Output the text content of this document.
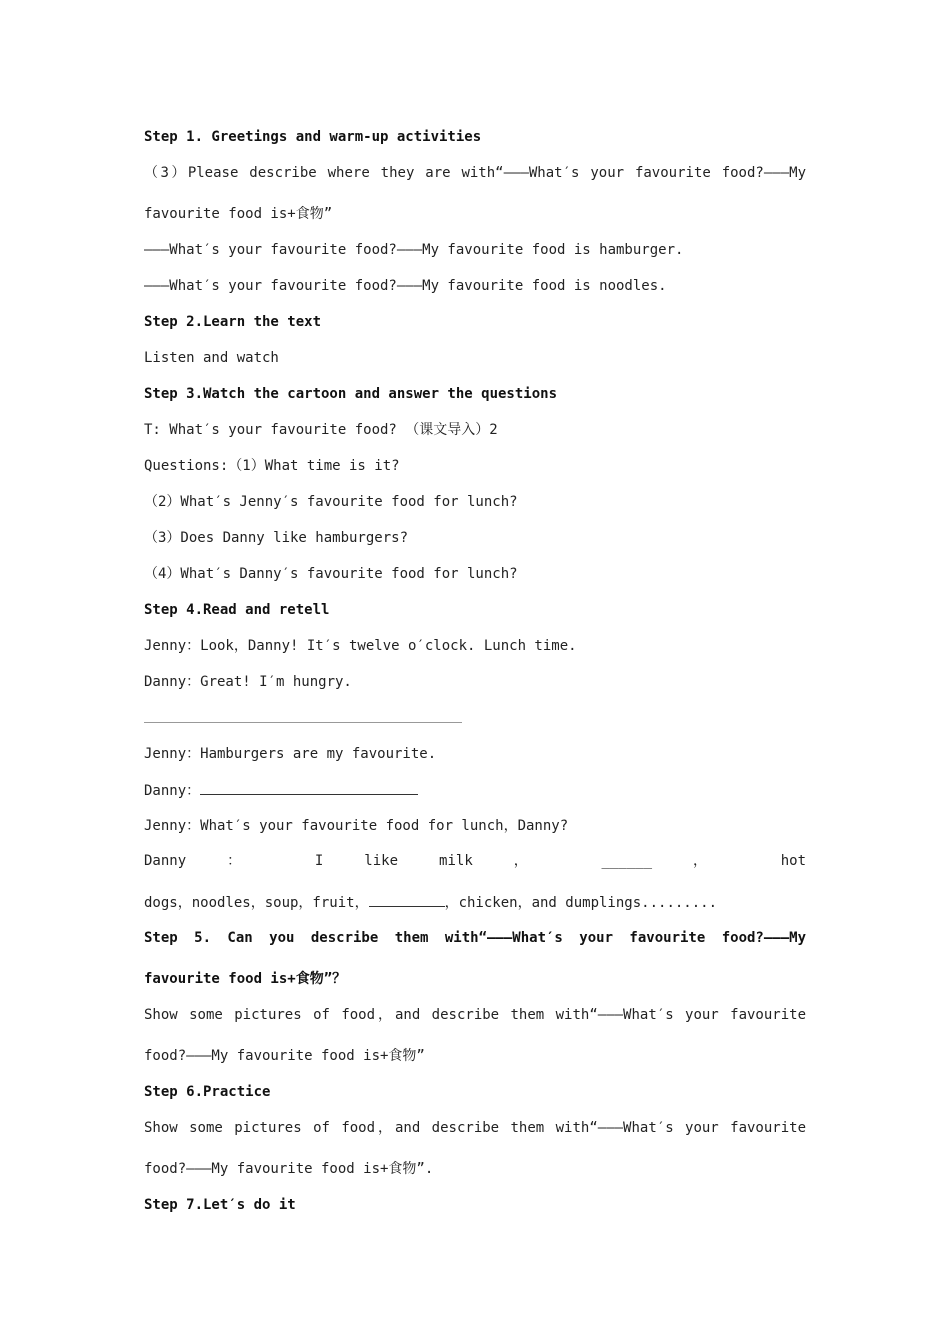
Step 1. Greetings and warm-up activities

（3）Please describe where they are with“———What′s your favourite food?———My

favourite food is+食物”

———What′s your favourite food?———My favourite food is hamburger.

———What′s your favourite food?———My favourite food is noodles.

Step 2.Learn the text

Listen and watch

Step 3.Watch the cartoon and answer the questions

T: What′s your favourite food? （课文导入）2

Questions:（1）What time is it?

（2）What′s Jenny′s favourite food for lunch?

（3）Does Danny like hamburgers?

（4）What′s Danny′s favourite food for lunch?

Step 4.Read and retell

Jenny：Look，Danny! It′s twelve o′clock. Lunch time.

Danny：Great! I′m hungry.

Jenny：Hamburgers are my favourite.

Danny：

Jenny：What′s your favourite food for lunch，Danny?

Danny ： I like milk ， ______ ， hot

dogs，noodles，soup，fruit，	，chicken，and dumplings.........

Step 5. Can you describe them with“———What′s your favourite food?———My

favourite food is+食物”？

Show some pictures of food，and describe them with“———What′s your favourite

food?———My favourite food is+食物”

Step 6.Practice

Show some pictures of food，and describe them with“———What′s your favourite

food?———My favourite food is+食物”.

Step 7.Let′s do it
